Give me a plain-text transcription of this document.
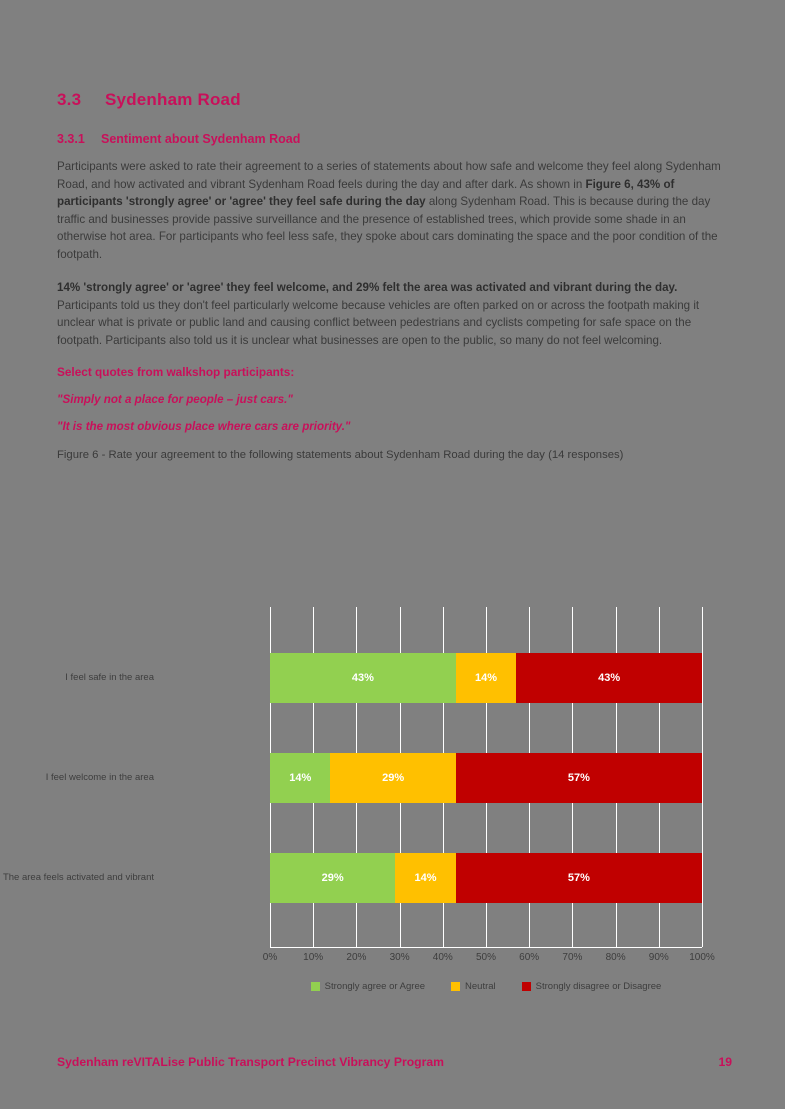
3.3 Sydenham Road
3.3.1 Sentiment about Sydenham Road

Participants were asked to rate their agreement to a series of statements about how safe and welcome they feel along Sydenham Road, and how activated and vibrant Sydenham Road feels during the day and after dark. As shown in Figure 6, 43% of participants 'strongly agree' or 'agree' they feel safe during the day along Sydenham Road. This is because during the day traffic and businesses provide passive surveillance and the presence of established trees, which provide some shade in an otherwise hot area. For participants who feel less safe, they spoke about cars dominating the space and the poor condition of the footpath.

14% 'strongly agree' or 'agree' they feel welcome, and 29% felt the area was activated and vibrant during the day. Participants told us they don't feel particularly welcome because vehicles are often parked on or across the footpath making it unclear what is private or public land and causing conflict between pedestrians and cyclists competing for safe space on the footpath. Participants also told us it is unclear what businesses are open to the public, so many do not feel welcoming.

Select quotes from walkshop participants:

"Simply not a place for people – just cars."

"It is the most obvious place where cars are priority."

Figure 6 - Rate your agreement to the following statements about Sydenham Road during the day (14 responses)

43%	14%	43%
14%	29%	57%
29%	14%	57%
0%	10% 20% 30% 40% 50% 60% 70% 80% 90% 100%
Strongly agree or Agree	Neutral	Strongly disagree or Disagree
I feel safe in the area
I feel welcome in the area
The area feels activated and vibrant
Sydenham reVITALise Public Transport Precinct Vibrancy Program	19
